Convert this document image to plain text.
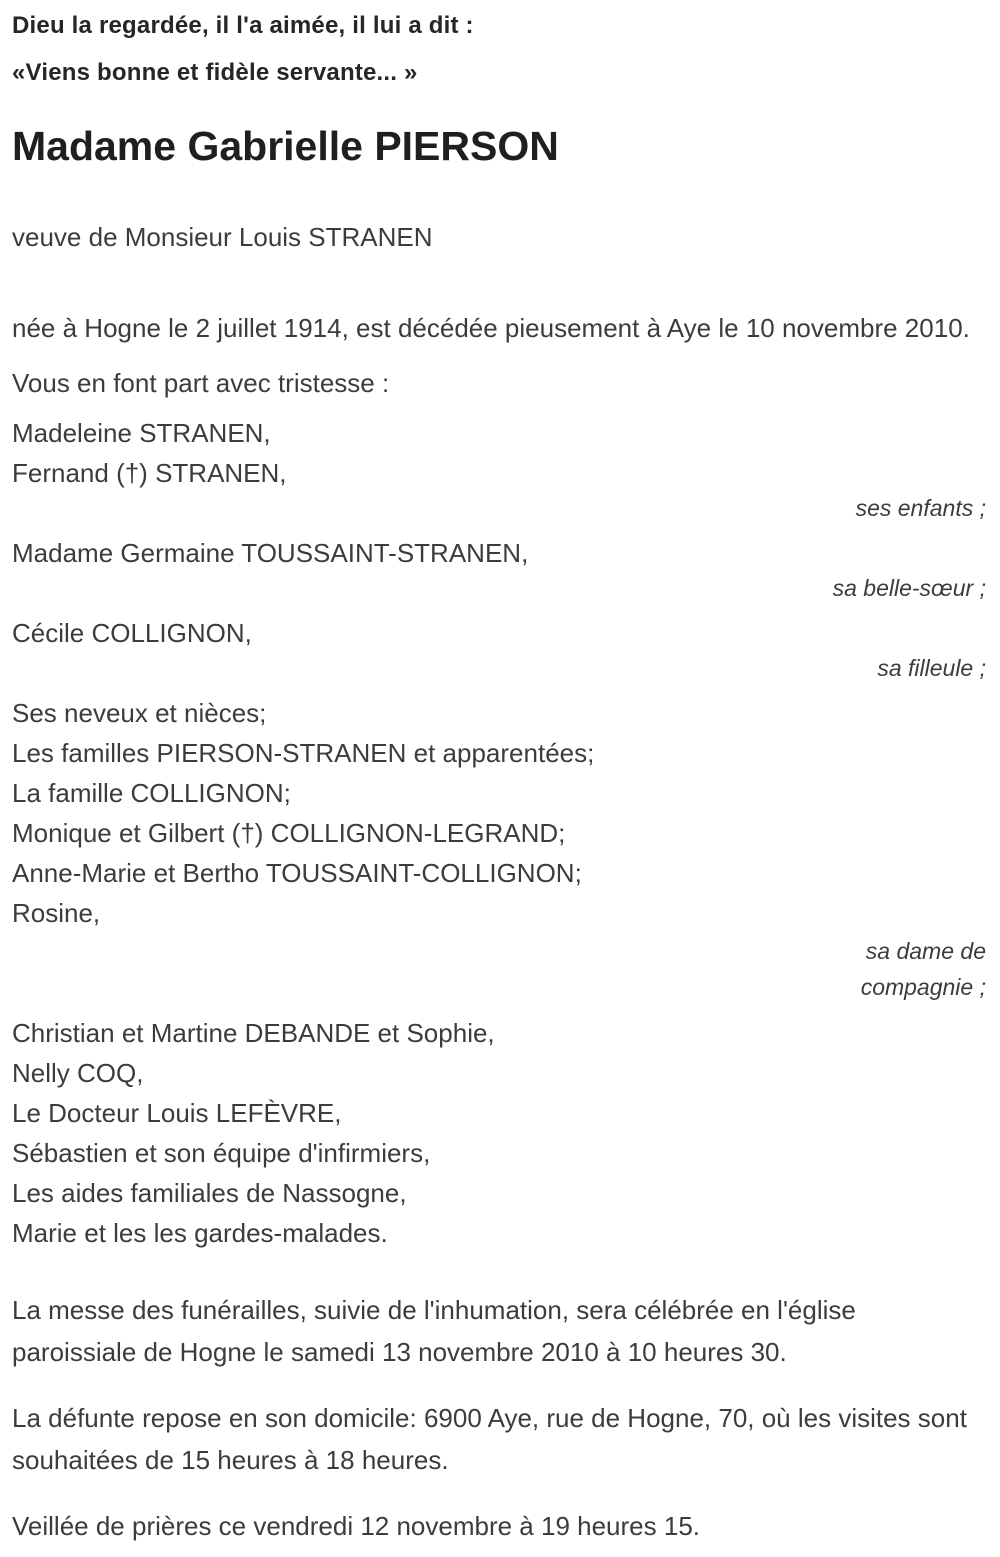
Dieu la regardée, il l'a aimée, il lui a dit :
«Viens bonne et fidèle servante... »
Madame Gabrielle PIERSON
veuve de Monsieur Louis STRANEN

née à Hogne le 2 juillet 1914, est décédée pieusement à Aye le 10 novembre 2010.

Vous en font part avec tristesse :
Madeleine STRANEN,
Fernand (†) STRANEN,
ses enfants ;
Madame Germaine TOUSSAINT-STRANEN,
sa belle-sœur ;
Cécile COLLIGNON,
sa filleule ;
Ses neveux et nièces;
Les familles PIERSON-STRANEN et apparentées;
La famille COLLIGNON;
Monique et Gilbert (†) COLLIGNON-LEGRAND;
Anne-Marie et Bertho TOUSSAINT-COLLIGNON;
Rosine,
sa dame de
compagnie ;
Christian et Martine DEBANDE et Sophie,
Nelly COQ,
Le Docteur Louis LEFÈVRE,
Sébastien et son équipe d'infirmiers,
Les aides familiales de Nassogne,
Marie et les les gardes-malades.

La messe des funérailles, suivie de l'inhumation, sera célébrée en l'église paroissiale de Hogne le samedi 13 novembre 2010 à 10 heures 30.

La défunte repose en son domicile: 6900 Aye, rue de Hogne, 70, où les visites sont souhaitées de 15 heures à 18 heures.

Veillée de prières ce vendredi 12 novembre à 19 heures 15.
